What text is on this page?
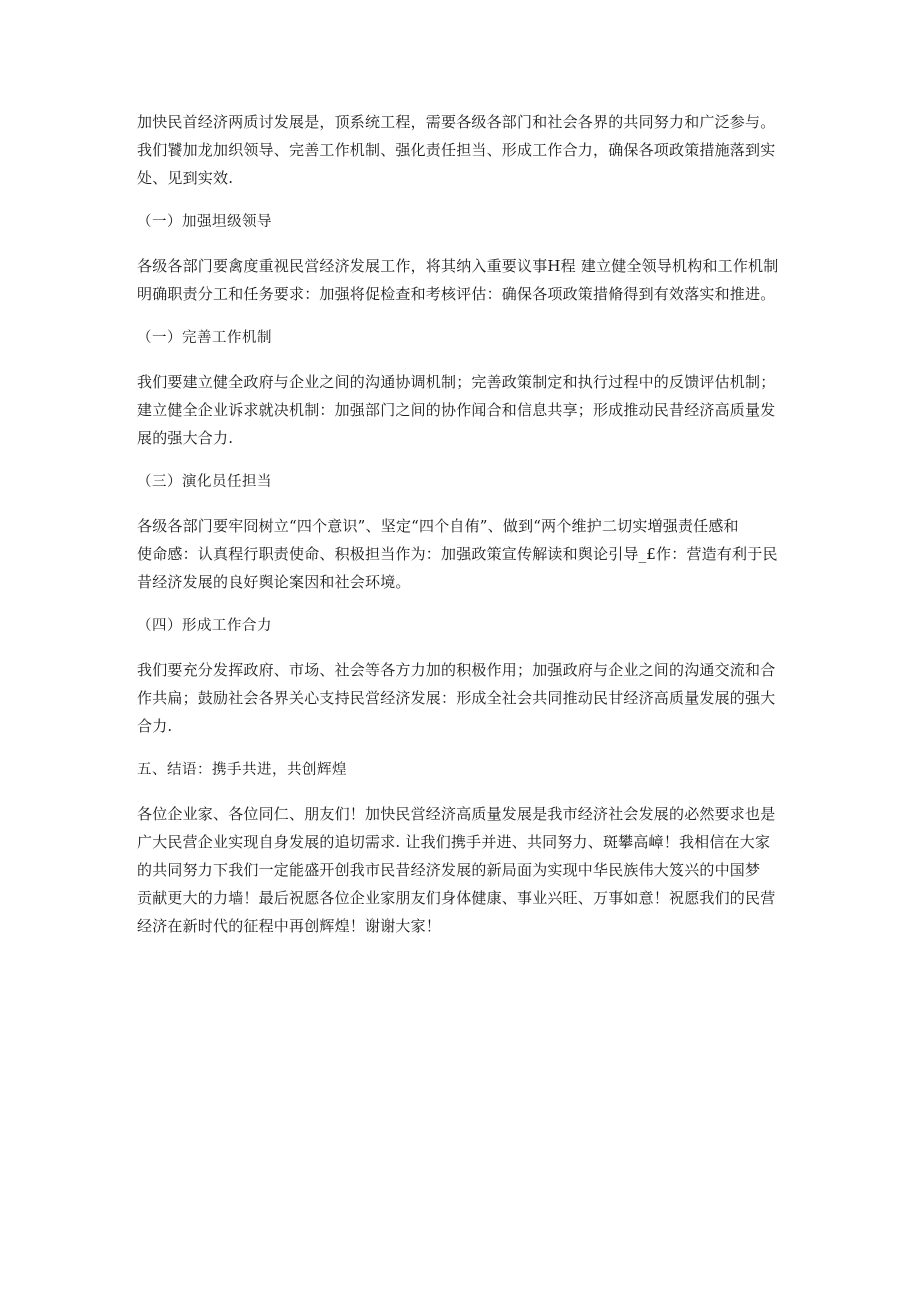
加快民首经济两质讨发展是，顶系统工程，需要各级各部门和社会各界的共同努力和广泛参与。
我们饕加龙加织领导、完善工作机制、强化责任担当、形成工作合力，确保各项政策措施落到实
处、见到实效.

（一）加强坦级领导

各级各部门要禽度重视民営经济发展工作，将其纳入重要议事H程 建立健全领导机构和工作机制
明确职责分工和任务要求：加强将促检查和考核评估：确保各项政策措脩得到有效落实和推进。

（一）完善工作机制

我们要建立健全政府与企业之间的沟通协调机制；完善政策制定和执行过程中的反馈评估机制；
建立健全企业诉求就决机制：加强部门之间的协作闻合和信息共享；形成推动民昔经济高质量发
展的强大合力.

（三）演化员任担当

各级各部门要牢冏树立“四个意识”、坚定“四个自侑”、做到“两个维护二切实増强责任感和
使命感：认真程行职责使命、积极担当作为：加强政策宣传解读和舆论引导_£作：营造有利于民
昔经济发展的良好舆论案因和社会环境。

（四）形成工作合力

我们要充分发挥政府、市场、社会等各方力加的积极作用；加强政府与企业之间的沟通交流和合
作共扁；鼓励社会各界关心支持民営经济发展：形成全社会共同推动民甘经济高质量发展的强大
合力.

五、结语：携手共进，共创辉煌

各位企业家、各位同仁、朋友们！加快民営经济高质量发展是我市经济社会发展的必然要求也是
广大民营企业实现自身发展的追切需求. 让我们携手并进、共同努力、斑攀高嶂！我相信在大家
的共同努力下我们一定能盛开创我市民昔经济发展的新局面为实现中华民族伟大笈兴的中国梦
贡献更大的力墙！最后祝愿各位企业家朋友们身体健康、事业兴旺、万事如意！祝愿我们的民营
经济在新时代的征程中再创辉煌！谢谢大家！
